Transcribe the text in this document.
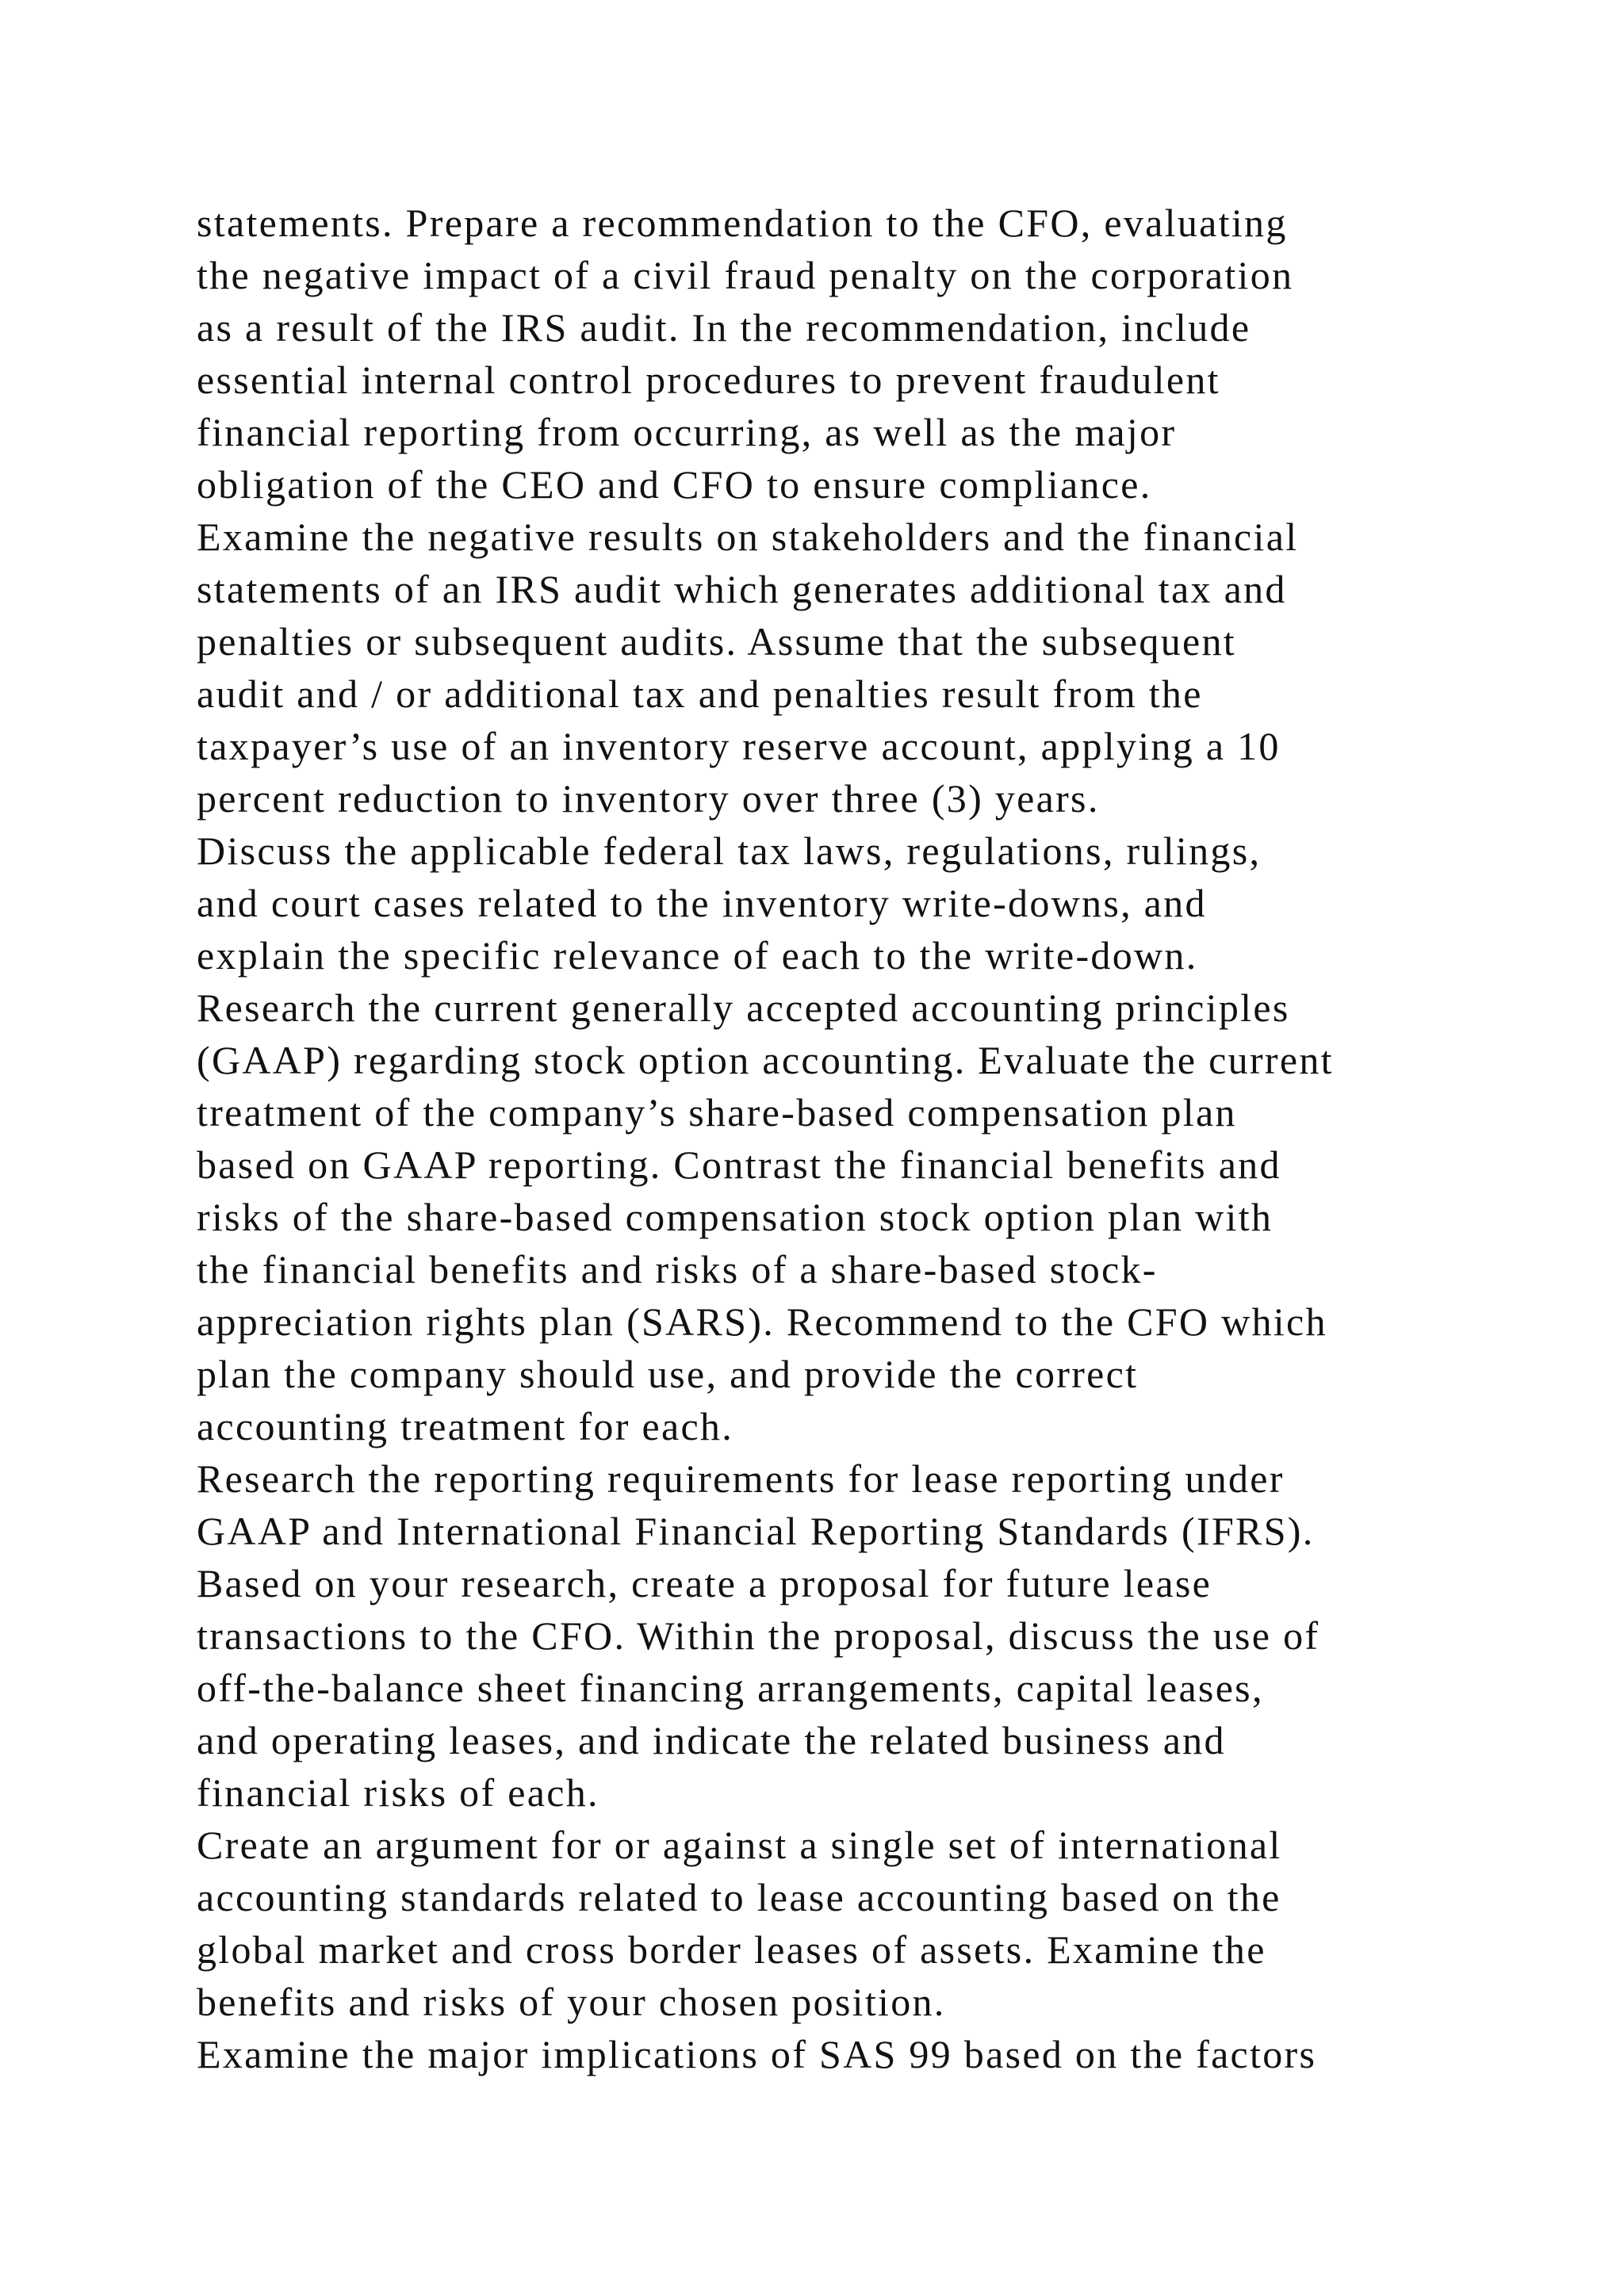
statements. Prepare a recommendation to the CFO, evaluating
the negative impact of a civil fraud penalty on the corporation
as a result of the IRS audit. In the recommendation, include
essential internal control procedures to prevent fraudulent
financial reporting from occurring, as well as the major
obligation of the CEO and CFO to ensure compliance.
Examine the negative results on stakeholders and the financial
statements of an IRS audit which generates additional tax and
penalties or subsequent audits. Assume that the subsequent
audit and / or additional tax and penalties result from the
taxpayer’s use of an inventory reserve account, applying a 10
percent reduction to inventory over three (3) years.
Discuss the applicable federal tax laws, regulations, rulings,
and court cases related to the inventory write-downs, and
explain the specific relevance of each to the write-down.
Research the current generally accepted accounting principles
(GAAP) regarding stock option accounting. Evaluate the current
treatment of the company’s share-based compensation plan
based on GAAP reporting. Contrast the financial benefits and
risks of the share-based compensation stock option plan with
the financial benefits and risks of a share-based stock-
appreciation rights plan (SARS). Recommend to the CFO which
plan the company should use, and provide the correct
accounting treatment for each.
Research the reporting requirements for lease reporting under
GAAP and International Financial Reporting Standards (IFRS).
Based on your research, create a proposal for future lease
transactions to the CFO. Within the proposal, discuss the use of
off-the-balance sheet financing arrangements, capital leases,
and operating leases, and indicate the related business and
financial risks of each.
Create an argument for or against a single set of international
accounting standards related to lease accounting based on the
global market and cross border leases of assets. Examine the
benefits and risks of your chosen position.
Examine the major implications of SAS 99 based on the factors
